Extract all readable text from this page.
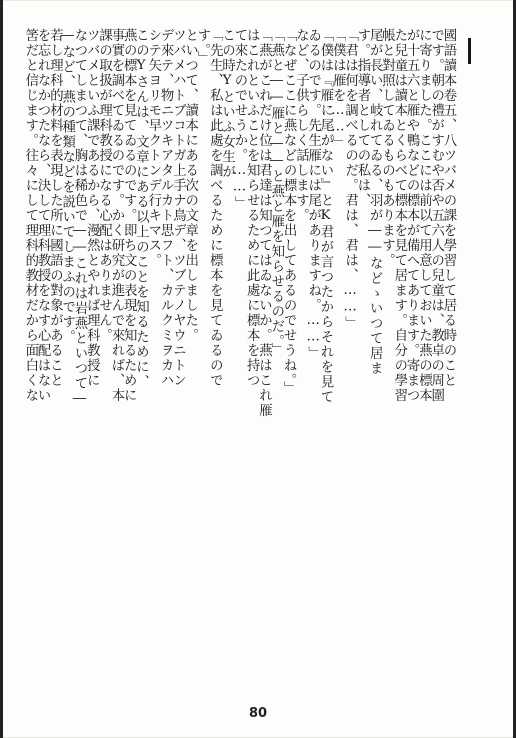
國語讀本卷五、八ツバメの課を學習して居る時のこと
です。朝の禮がすむや否や五六人の兒童は、教卓の周圍
に寄りました。ここには前以て用意しておいた燕の標本
が十五六と雁や鴨などの標本が備へてあります。寄まつ
た兒童は讀本とくらべて標本を見て居ます。自分の學習
帳と對照してゐるものもあります。
尾が長い、岐れてゐる、羽が――などゝいつて居ま
す。指導者としての私は、
「君は何を調べるのだ。君は、君は、……」
「僕は雁を……」
「僕は『雁に尾がない』とK君が言つたからそれを見て
ゐるのです。先生雁には尾がありますね。……」
など、子供らしく話します。
「なぜここに燕などの標本を出してあるのでせうね。」
「燕と――雁と――と燕と雁を知らせるのだ。」
「燕がこれだけ位は君達は知つてはゐないか。燕はこれ雁
はこれといふことを知らせるために此處に標本を持つ
て來たのでせうか。……」
この時Yといふ女生が
「先生、私は此處を調べるために標本を見てゐるので
す。」
といつて、讀本にある次の文章を出しました。
ツバメハトブコトガ上手ナ鳥デ、ツブテノヤウニトン
デ來テ、物ニツキアタルカト思フト、カルクミヲカハ
シテ矢ヨリモ早クトンデ行キマス。
このYさんは、文章にある以上のことを知るために、
燕の標本を見てゐるのです。即ち文の表現を知るために
事實を調べてゐるのです。かく研究が進んで來れば、本
課の取扱が理科教授になる心配はありません。
ツバメといふ課であるから、漫然とやれば理科教授に
なつてしまつて、胸は稀色で――これは岩燕といつて―
―など、燕の種類などを説いてしまふのです。
若し理科的材料を表現した所に國語の對象があること
を忘れなかつたなら、決して理科教授をなす心配はない
筈だと信じます。往々にして理科的教材だから面白くな
80
